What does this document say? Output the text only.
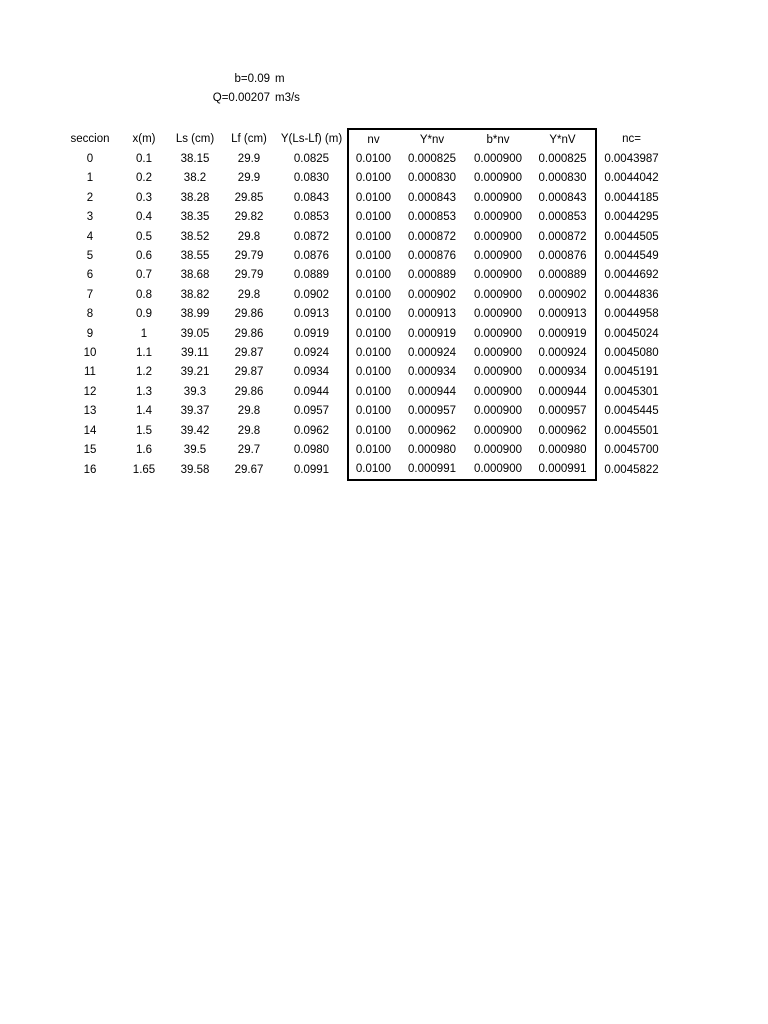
b=0.09 m
Q=0.00207 m3/s
seccion	x(m)	Ls (cm)	Lf (cm)	Y(Ls-Lf) (m)	nv	Y*nv	b*nv	Y*nV	nc=
0	0.1	38.15	29.9	0.0825	0.0100	0.000825	0.000900	0.000825	0.0043987
1	0.2	38.2	29.9	0.0830	0.0100	0.000830	0.000900	0.000830	0.0044042
2	0.3	38.28	29.85	0.0843	0.0100	0.000843	0.000900	0.000843	0.0044185
3	0.4	38.35	29.82	0.0853	0.0100	0.000853	0.000900	0.000853	0.0044295
4	0.5	38.52	29.8	0.0872	0.0100	0.000872	0.000900	0.000872	0.0044505
5	0.6	38.55	29.79	0.0876	0.0100	0.000876	0.000900	0.000876	0.0044549
6	0.7	38.68	29.79	0.0889	0.0100	0.000889	0.000900	0.000889	0.0044692
7	0.8	38.82	29.8	0.0902	0.0100	0.000902	0.000900	0.000902	0.0044836
8	0.9	38.99	29.86	0.0913	0.0100	0.000913	0.000900	0.000913	0.0044958
9	1	39.05	29.86	0.0919	0.0100	0.000919	0.000900	0.000919	0.0045024
10	1.1	39.11	29.87	0.0924	0.0100	0.000924	0.000900	0.000924	0.0045080
11	1.2	39.21	29.87	0.0934	0.0100	0.000934	0.000900	0.000934	0.0045191
12	1.3	39.3	29.86	0.0944	0.0100	0.000944	0.000900	0.000944	0.0045301
13	1.4	39.37	29.8	0.0957	0.0100	0.000957	0.000900	0.000957	0.0045445
14	1.5	39.42	29.8	0.0962	0.0100	0.000962	0.000900	0.000962	0.0045501
15	1.6	39.5	29.7	0.0980	0.0100	0.000980	0.000900	0.000980	0.0045700
16	1.65	39.58	29.67	0.0991	0.0100	0.000991	0.000900	0.000991	0.0045822
